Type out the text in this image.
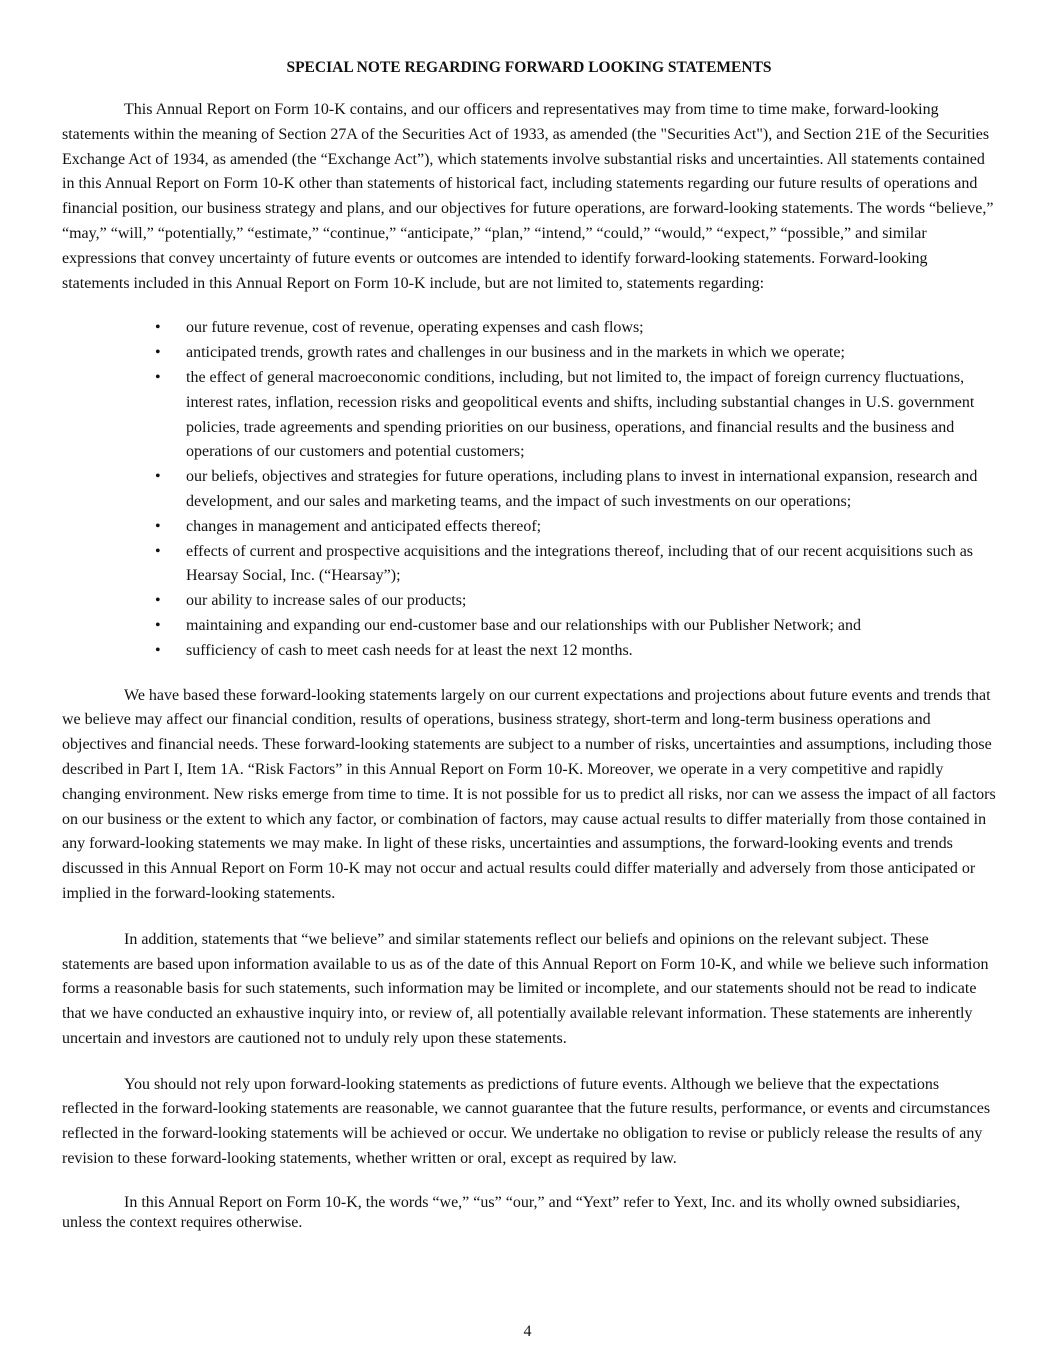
SPECIAL NOTE REGARDING FORWARD LOOKING STATEMENTS

This Annual Report on Form 10-K contains, and our officers and representatives may from time to time make, forward-looking statements within the meaning of Section 27A of the Securities Act of 1933, as amended (the "Securities Act"), and Section 21E of the Securities Exchange Act of 1934, as amended (the “Exchange Act”), which statements involve substantial risks and uncertainties. All statements contained in this Annual Report on Form 10-K other than statements of historical fact, including statements regarding our future results of operations and financial position, our business strategy and plans, and our objectives for future operations, are forward-looking statements. The words “believe,” “may,” “will,” “potentially,” “estimate,” “continue,” “anticipate,” “plan,” “intend,” “could,” “would,” “expect,” “possible,” and similar expressions that convey uncertainty of future events or outcomes are intended to identify forward-looking statements. Forward-looking statements included in this Annual Report on Form 10-K include, but are not limited to, statements regarding:

• our future revenue, cost of revenue, operating expenses and cash flows;
• anticipated trends, growth rates and challenges in our business and in the markets in which we operate;
• the effect of general macroeconomic conditions, including, but not limited to, the impact of foreign currency fluctuations, interest rates, inflation, recession risks and geopolitical events and shifts, including substantial changes in U.S. government policies, trade agreements and spending priorities on our business, operations, and financial results and the business and operations of our customers and potential customers;
• our beliefs, objectives and strategies for future operations, including plans to invest in international expansion, research and development, and our sales and marketing teams, and the impact of such investments on our operations;
• changes in management and anticipated effects thereof;
• effects of current and prospective acquisitions and the integrations thereof, including that of our recent acquisitions such as Hearsay Social, Inc. (“Hearsay”);
• our ability to increase sales of our products;
• maintaining and expanding our end-customer base and our relationships with our Publisher Network; and
• sufficiency of cash to meet cash needs for at least the next 12 months.

We have based these forward-looking statements largely on our current expectations and projections about future events and trends that we believe may affect our financial condition, results of operations, business strategy, short-term and long-term business operations and objectives and financial needs. These forward-looking statements are subject to a number of risks, uncertainties and assumptions, including those described in Part I, Item 1A. “Risk Factors” in this Annual Report on Form 10-K. Moreover, we operate in a very competitive and rapidly changing environment. New risks emerge from time to time. It is not possible for us to predict all risks, nor can we assess the impact of all factors on our business or the extent to which any factor, or combination of factors, may cause actual results to differ materially from those contained in any forward-looking statements we may make. In light of these risks, uncertainties and assumptions, the forward-looking events and trends discussed in this Annual Report on Form 10-K may not occur and actual results could differ materially and adversely from those anticipated or implied in the forward-looking statements.

In addition, statements that “we believe” and similar statements reflect our beliefs and opinions on the relevant subject. These statements are based upon information available to us as of the date of this Annual Report on Form 10-K, and while we believe such information forms a reasonable basis for such statements, such information may be limited or incomplete, and our statements should not be read to indicate that we have conducted an exhaustive inquiry into, or review of, all potentially available relevant information. These statements are inherently uncertain and investors are cautioned not to unduly rely upon these statements.

You should not rely upon forward-looking statements as predictions of future events. Although we believe that the expectations reflected in the forward-looking statements are reasonable, we cannot guarantee that the future results, performance, or events and circumstances reflected in the forward-looking statements will be achieved or occur. We undertake no obligation to revise or publicly release the results of any revision to these forward-looking statements, whether written or oral, except as required by law.

In this Annual Report on Form 10-K, the words “we,” “us” “our,” and “Yext” refer to Yext, Inc. and its wholly owned subsidiaries, unless the context requires otherwise.

4
